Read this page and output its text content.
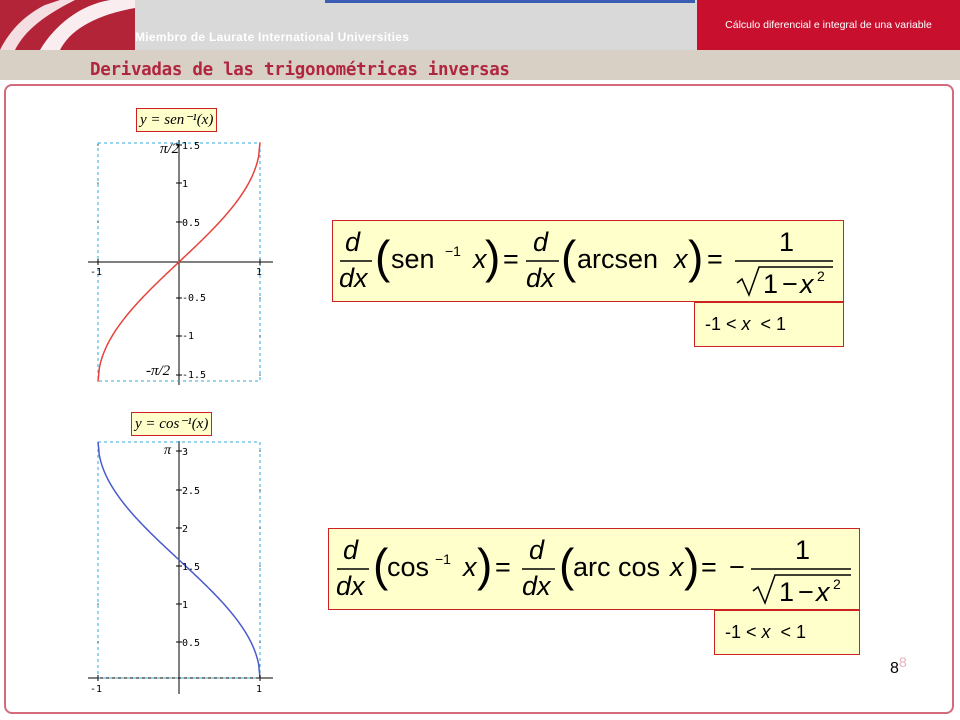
Miembro de Laurate International Universities
Cálculo diferencial e integral de una variable
Derivadas de las trigonométricas inversas
y = sen⁻¹(x)
-1	1
1.5
1
0.5
-0.5
-1
-1.5
π/2
-π/2
y = cos⁻¹(x)
-1	1
3
2.5
2
1.5
1
0.5
π
d
dx ( sen −1 x
) =
d
dx ( arcsen x ) =
1
1 − x 2
-1 < x < 1
d
dx (
cos −1 x ) =
d
dx (
arc cos x ) = −
1
1 − x 2
-1 < x < 1
8
8
